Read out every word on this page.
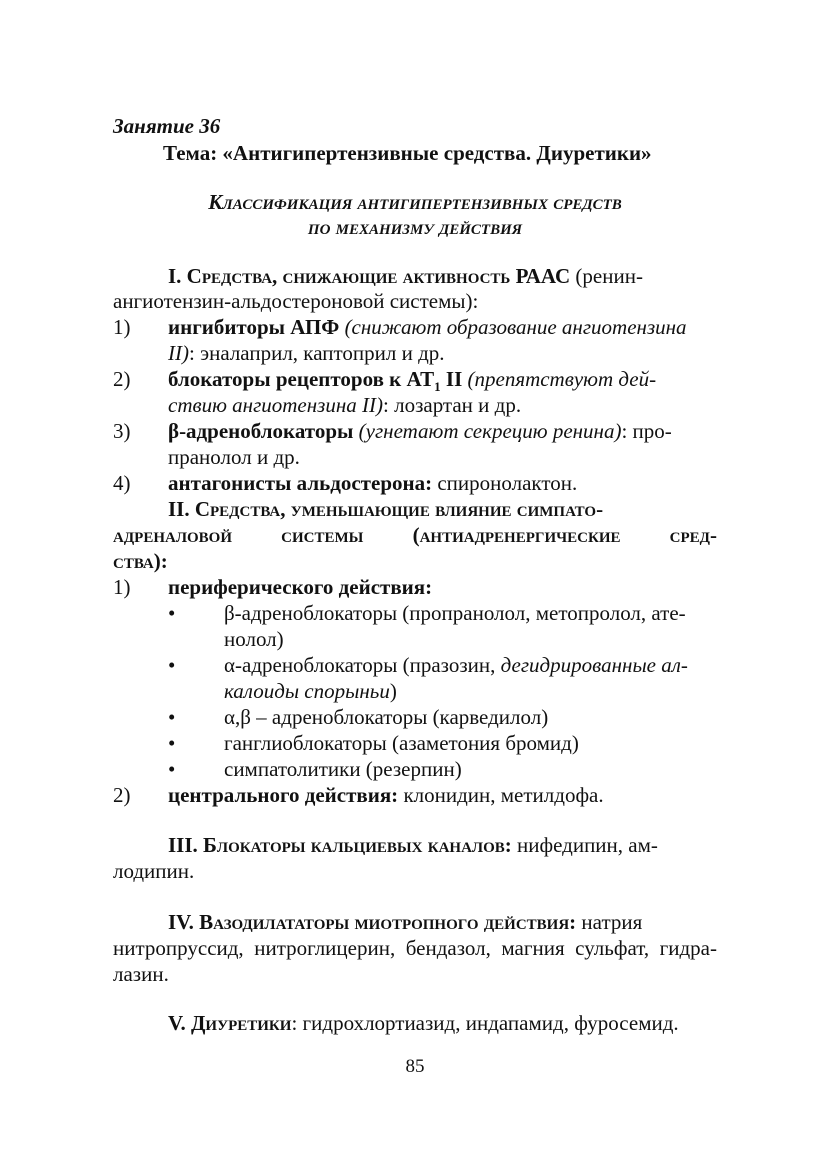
Занятие 36
Тема: «Антигипертензивные средства. Диуретики»
Классификация антигипертензивных средств
по механизму действия
I. Средства, снижающие активность РААС (ренин-
ангиотензин-альдостероновой системы):
1) ингибиторы АПФ (снижают образование ангиотензина
II): эналаприл, каптоприл и др.
2) блокаторы рецепторов к $AT_1$ II (препятствуют дей-
ствию ангиотензина II): лозартан и др.
3) β-адреноблокаторы (угнетают секрецию ренина): про-
пранолол и др.
4) антагонисты альдостерона: спиронолактон.
II. Средства, уменьшающие влияние симпато-
адреналовой системы (антиадренергические сред-
ства):
1) периферического действия:
• β-адреноблокаторы (пропранолол, метопролол, ате-
нолол)
• α-адреноблокаторы (празозин, дегидрированные ал-
калоиды спорыньи)
• α,β – адреноблокаторы (карведилол)
• ганглиоблокаторы (азаметония бромид)
• симпатолитики (резерпин)
2) центрального действия: клонидин, метилдофа.
III. Блокаторы кальциевых каналов: нифедипин, ам-
лодипин.
IV. Вазодилататоры миотропного действия: натрия
нитропруссид, нитроглицерин, бендазол, магния сульфат, гидра-
лазин.
V. Диуретики: гидрохлортиазид, индапамид, фуросемид.
85
